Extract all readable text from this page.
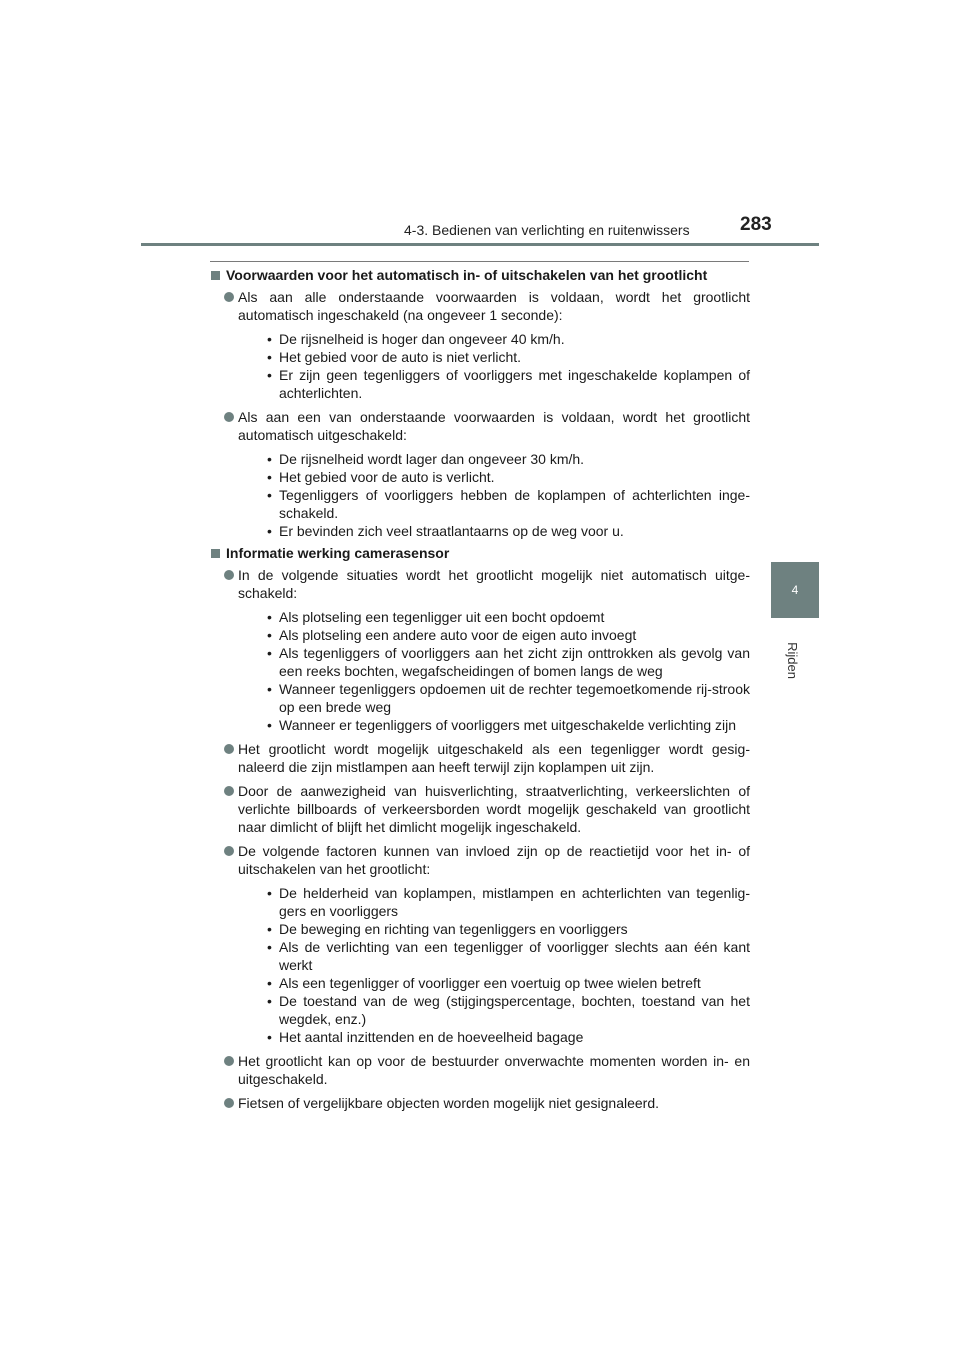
4-3. Bedienen van verlichting en ruitenwissers	283
4
Rijden
Voorwaarden voor het automatisch in- of uitschakelen van het grootlicht
Als aan alle onderstaande voorwaarden is voldaan, wordt het grootlicht automatisch ingeschakeld (na ongeveer 1 seconde):
• De rijsnelheid is hoger dan ongeveer 40 km/h.
• Het gebied voor de auto is niet verlicht.
• Er zijn geen tegenliggers of voorliggers met ingeschakelde koplampen of achterlichten.
Als aan een van onderstaande voorwaarden is voldaan, wordt het grootlicht automatisch uitgeschakeld:
• De rijsnelheid wordt lager dan ongeveer 30 km/h.
• Het gebied voor de auto is verlicht.
• Tegenliggers of voorliggers hebben de koplampen of achterlichten inge-schakeld.
• Er bevinden zich veel straatlantaarns op de weg voor u.
Informatie werking camerasensor
In de volgende situaties wordt het grootlicht mogelijk niet automatisch uitge-schakeld:
• Als plotseling een tegenligger uit een bocht opdoemt
• Als plotseling een andere auto voor de eigen auto invoegt
• Als tegenliggers of voorliggers aan het zicht zijn onttrokken als gevolg van een reeks bochten, wegafscheidingen of bomen langs de weg
• Wanneer tegenliggers opdoemen uit de rechter tegemoetkomende rij-strook op een brede weg
• Wanneer er tegenliggers of voorliggers met uitgeschakelde verlichting zijn
Het grootlicht wordt mogelijk uitgeschakeld als een tegenligger wordt gesig-naleerd die zijn mistlampen aan heeft terwijl zijn koplampen uit zijn.
Door de aanwezigheid van huisverlichting, straatverlichting, verkeerslichten of verlichte billboards of verkeersborden wordt mogelijk geschakeld van grootlicht naar dimlicht of blijft het dimlicht mogelijk ingeschakeld.
De volgende factoren kunnen van invloed zijn op de reactietijd voor het in- of uitschakelen van het grootlicht:
• De helderheid van koplampen, mistlampen en achterlichten van tegenlig-gers en voorliggers
• De beweging en richting van tegenliggers en voorliggers
• Als de verlichting van een tegenligger of voorligger slechts aan één kant werkt
• Als een tegenligger of voorligger een voertuig op twee wielen betreft
• De toestand van de weg (stijgingspercentage, bochten, toestand van het wegdek, enz.)
• Het aantal inzittenden en de hoeveelheid bagage
Het grootlicht kan op voor de bestuurder onverwachte momenten worden in- en uitgeschakeld.
Fietsen of vergelijkbare objecten worden mogelijk niet gesignaleerd.
